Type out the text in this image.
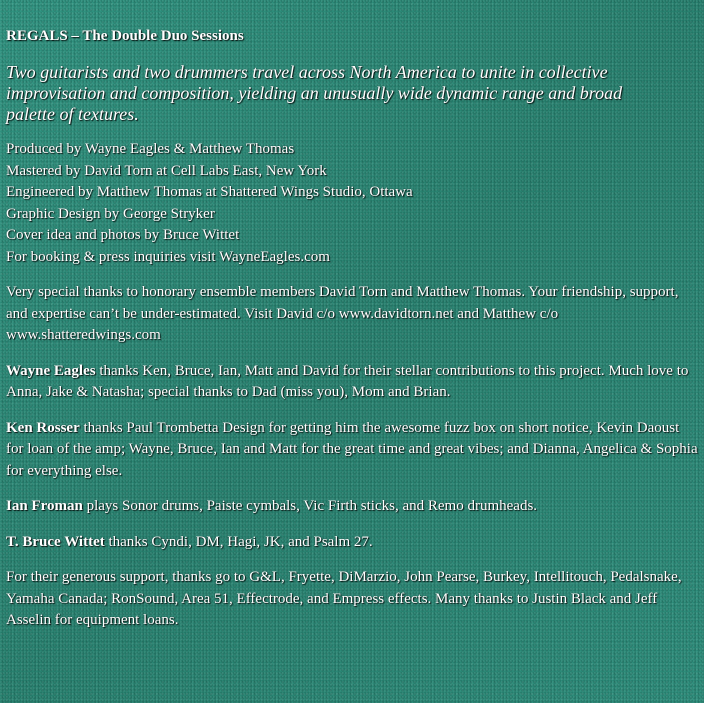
REGALS – The Double Duo Sessions
Two guitarists and two drummers travel across North America to unite in collective improvisation and composition, yielding an unusually wide dynamic range and broad palette of textures.
Produced by Wayne Eagles & Matthew Thomas
Mastered by David Torn at Cell Labs East, New York
Engineered by Matthew Thomas at Shattered Wings Studio, Ottawa
Graphic Design by George Stryker
Cover idea and photos by Bruce Wittet
For booking & press inquiries visit WayneEagles.com
Very special thanks to honorary ensemble members David Torn and Matthew Thomas. Your friendship, support, and expertise can’t be under-estimated. Visit David c/o www.davidtorn.net and Matthew c/o www.shatteredwings.com
Wayne Eagles thanks Ken, Bruce, Ian, Matt and David for their stellar contributions to this project. Much love to Anna, Jake & Natasha; special thanks to Dad (miss you), Mom and Brian.
Ken Rosser thanks Paul Trombetta Design for getting him the awesome fuzz box on short notice, Kevin Daoust for loan of the amp; Wayne, Bruce, Ian and Matt for the great time and great vibes; and Dianna, Angelica & Sophia for everything else.
Ian Froman plays Sonor drums, Paiste cymbals, Vic Firth sticks, and Remo drumheads.
T. Bruce Wittet thanks Cyndi, DM, Hagi, JK, and Psalm 27.
For their generous support, thanks go to G&L, Fryette, DiMarzio, John Pearse, Burkey, Intellitouch, Pedalsnake, Yamaha Canada; RonSound, Area 51, Effectrode, and Empress effects. Many thanks to Justin Black and Jeff Asselin for equipment loans.
